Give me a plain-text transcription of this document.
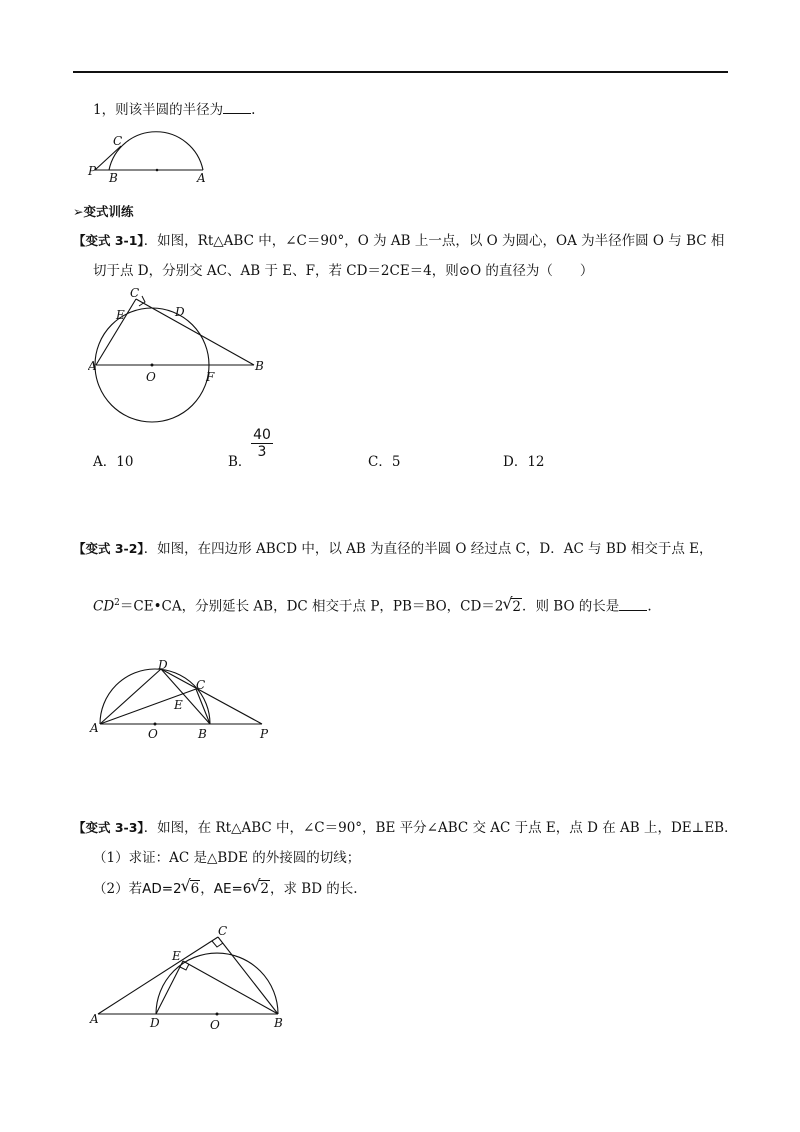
1，则该半圆的半径为 .
P B	A
C
➢变式训练
【变式 3-1】．如图，Rt△ABC 中，∠C＝90°，O 为 AB 上一点，以 O 为圆心，OA 为半径作圆 O 与 BC 相
切于点 D，分别交 AC、AB 于 E、F，若 CD＝2CE＝4，则⊙O 的直径为（　　）
A	B
C
D
E
F
O
A．10	B．
$\frac{40}{3}$
C．5	D．12
【变式 3-2】．如图，在四边形 ABCD 中，以 AB 为直径的半圆 O 经过点 C，D．AC 与 BD 相交于点 E，
$CD^2=CE•CA$，分别延长 AB，DC 相交于点 P，PB＝BO，CD＝2 √ 2．则 BO 的长是 .
A	B
C
D
E
O	P
【变式 3-3】．如图，在 Rt△ABC 中，∠C＝90°，BE 平分∠ABC 交 AC 于点 E，点 D 在 AB 上，DE⊥EB．
（1）求证：AC 是△BDE 的外接圆的切线；
（2）若AD=2 √ 6，AE=6 √ 2，求 BD 的长.
A	B
C
D
E
O
